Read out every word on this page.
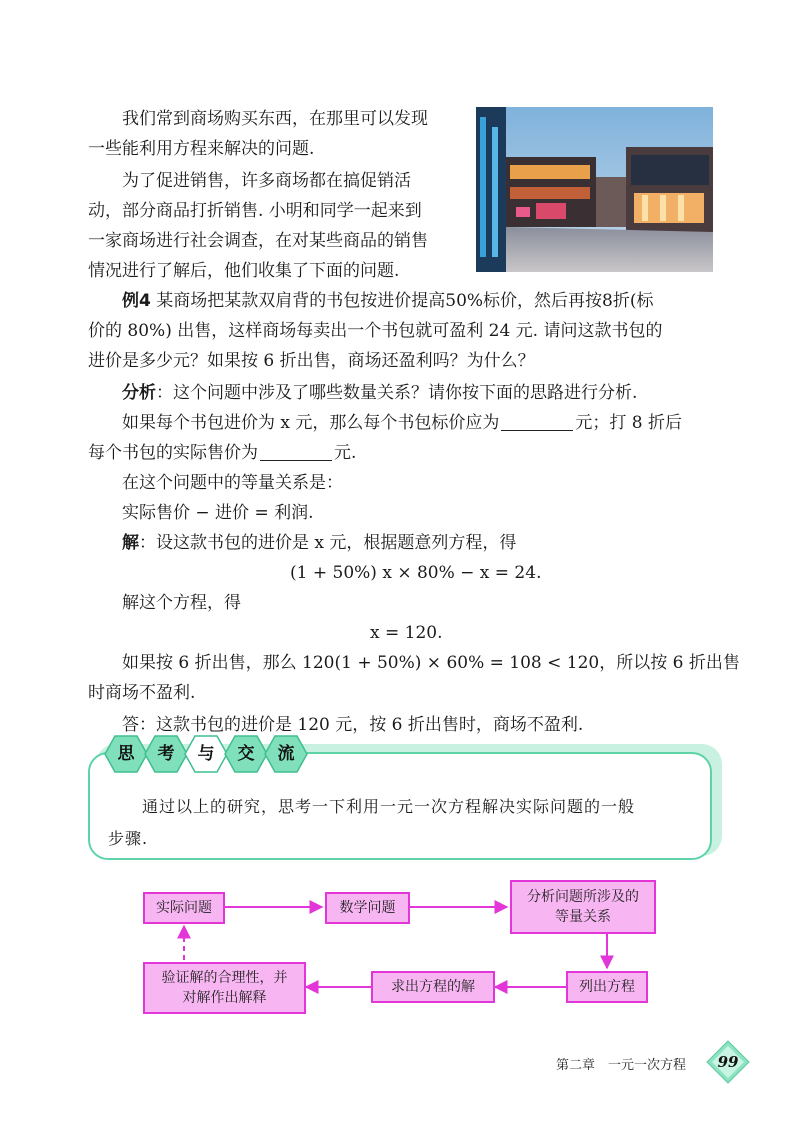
我们常到商场购买东西，在那里可以发现

一些能利用方程来解决的问题.

为了促进销售，许多商场都在搞促销活

动，部分商品打折销售. 小明和同学一起来到

一家商场进行社会调查，在对某些商品的销售

情况进行了解后，他们收集了下面的问题.

例4 某商场把某款双肩背的书包按进价提高50%标价，然后再按8折(标

价的 80%) 出售，这样商场每卖出一个书包就可盈利 24 元. 请问这款书包的

进价是多少元？如果按 6 折出售，商场还盈利吗？为什么？

分析：这个问题中涉及了哪些数量关系？请你按下面的思路进行分析.

如果每个书包进价为 x 元，那么每个书包标价应为	元；打 8 折后

每个书包的实际售价为	元.

在这个问题中的等量关系是：

实际售价 − 进价 = 利润.

解：设这款书包的进价是 x 元，根据题意列方程，得

(1 + 50%) x × 80% − x = 24.

解这个方程，得

x = 120.

如果按 6 折出售，那么 120(1 + 50%) × 60% = 108 < 120，所以按 6 折出售

时商场不盈利.

答：这款书包的进价是 120 元，按 6 折出售时，商场不盈利.

思	考	与	交	流

通过以上的研究，思考一下利用一元一次方程解决实际问题的一般

步骤.

实际问题	数学问题
分析问题所涉及的等量关系
列出方程
求出方程的解
验证解的合理性，并对解作出解释
第二章　一元一次方程	99
